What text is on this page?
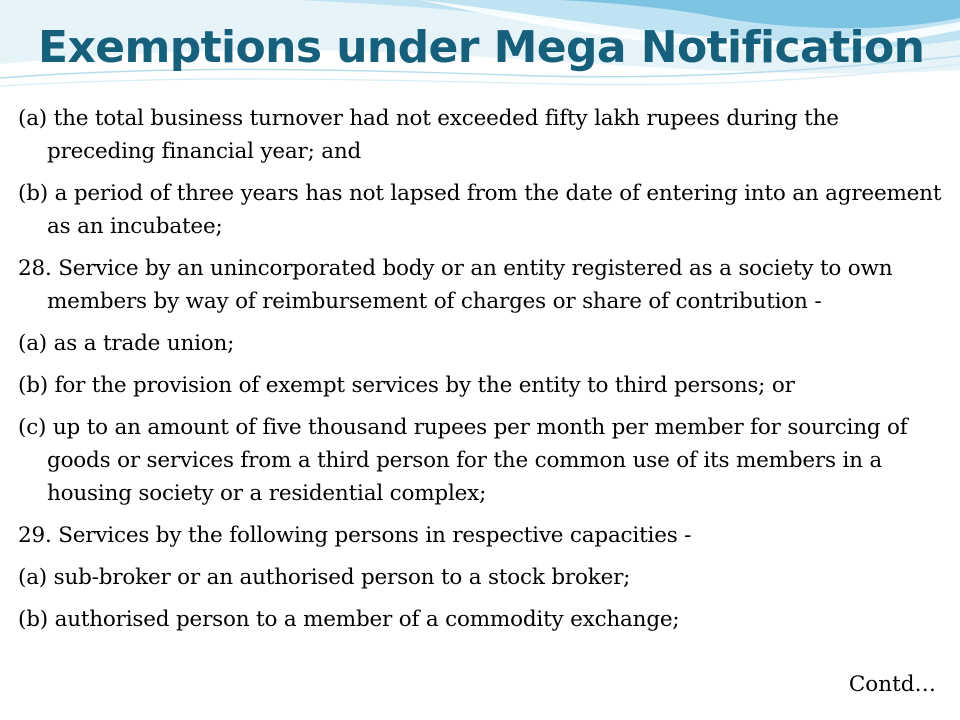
Exemptions under Mega Notification

(a) the total business turnover had not exceeded fifty lakh rupees during the preceding financial year; and

(b) a period of three years has not lapsed from the date of entering into an agreement as an incubatee;

28. Service by an unincorporated body or an entity registered as a society to own members by way of reimbursement of charges or share of contribution -

(a) as a trade union;

(b) for the provision of exempt services by the entity to third persons; or

(c) up to an amount of five thousand rupees per month per member for sourcing of goods or services from a third person for the common use of its members in a housing society or a residential complex;

29. Services by the following persons in respective capacities -

(a) sub-broker or an authorised person to a stock broker;

(b) authorised person to a member of a commodity exchange;

Contd…
